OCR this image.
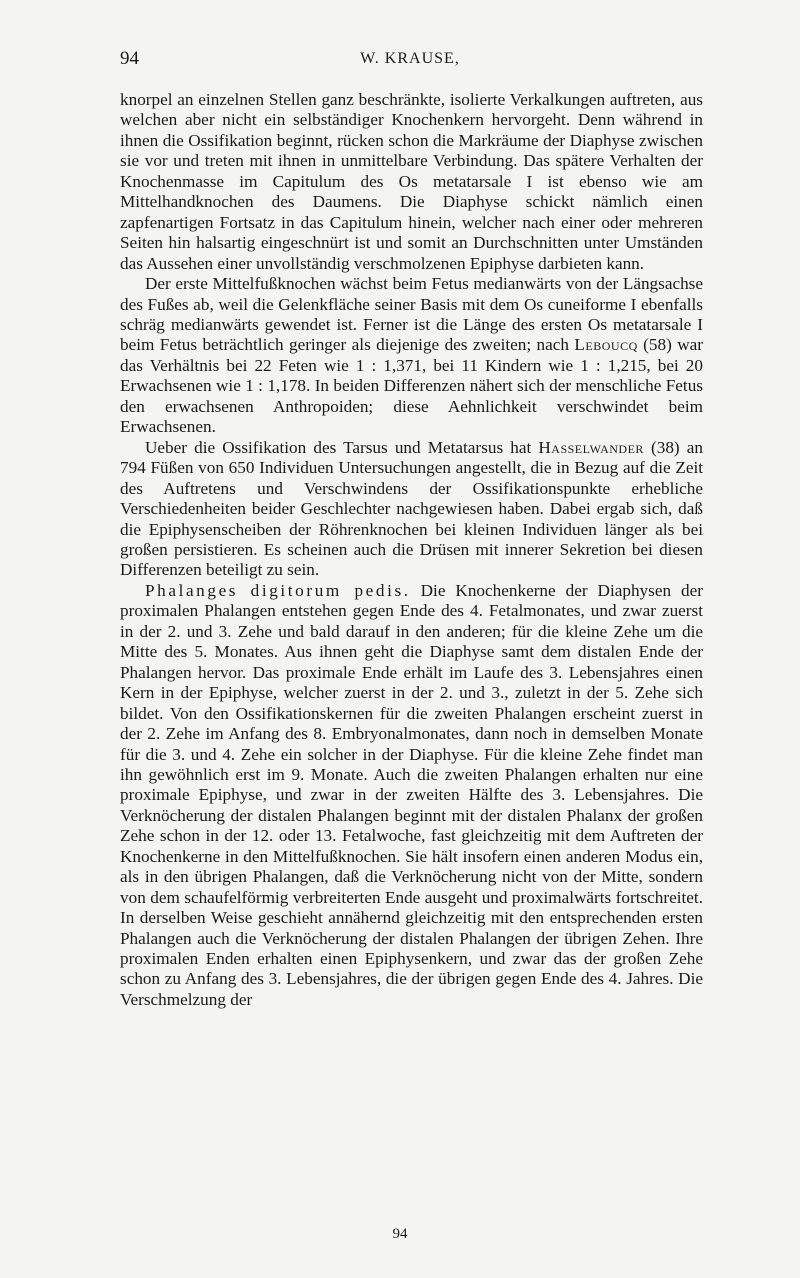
94	W. KRAUSE,

knorpel an einzelnen Stellen ganz beschränkte, isolierte Verkalkungen auftreten, aus welchen aber nicht ein selbständiger Knochenkern hervorgeht. Denn während in ihnen die Ossifikation beginnt, rücken schon die Markräume der Diaphyse zwischen sie vor und treten mit ihnen in unmittelbare Verbindung. Das spätere Verhalten der Knochenmasse im Capitulum des Os metatarsale I ist ebenso wie am Mittelhandknochen des Daumens. Die Diaphyse schickt nämlich einen zapfenartigen Fortsatz in das Capitulum hinein, welcher nach einer oder mehreren Seiten hin halsartig eingeschnürt ist und somit an Durchschnitten unter Umständen das Aussehen einer unvollständig verschmolzenen Epiphyse darbieten kann.

Der erste Mittelfußknochen wächst beim Fetus medianwärts von der Längsachse des Fußes ab, weil die Gelenkfläche seiner Basis mit dem Os cuneiforme I ebenfalls schräg medianwärts gewendet ist. Ferner ist die Länge des ersten Os metatarsale I beim Fetus beträchtlich geringer als diejenige des zweiten; nach Leboucq (58) war das Verhältnis bei 22 Feten wie 1 : 1,371, bei 11 Kindern wie 1 : 1,215, bei 20 Erwachsenen wie 1 : 1,178. In beiden Differenzen nähert sich der menschliche Fetus den erwachsenen Anthropoiden; diese Aehnlichkeit verschwindet beim Erwachsenen.

Ueber die Ossifikation des Tarsus und Metatarsus hat Hasselwander (38) an 794 Füßen von 650 Individuen Untersuchungen angestellt, die in Bezug auf die Zeit des Auftretens und Verschwindens der Ossifikationspunkte erhebliche Verschiedenheiten beider Geschlechter nachgewiesen haben. Dabei ergab sich, daß die Epiphysenscheiben der Röhrenknochen bei kleinen Individuen länger als bei großen persistieren. Es scheinen auch die Drüsen mit innerer Sekretion bei diesen Differenzen beteiligt zu sein.

Phalanges digitorum pedis. Die Knochenkerne der Diaphysen der proximalen Phalangen entstehen gegen Ende des 4. Fetalmonates, und zwar zuerst in der 2. und 3. Zehe und bald darauf in den anderen; für die kleine Zehe um die Mitte des 5. Monates. Aus ihnen geht die Diaphyse samt dem distalen Ende der Phalangen hervor. Das proximale Ende erhält im Laufe des 3. Lebensjahres einen Kern in der Epiphyse, welcher zuerst in der 2. und 3., zuletzt in der 5. Zehe sich bildet. Von den Ossifikationskernen für die zweiten Phalangen erscheint zuerst in der 2. Zehe im Anfang des 8. Embryonalmonates, dann noch in demselben Monate für die 3. und 4. Zehe ein solcher in der Diaphyse. Für die kleine Zehe findet man ihn gewöhnlich erst im 9. Monate. Auch die zweiten Phalangen erhalten nur eine proximale Epiphyse, und zwar in der zweiten Hälfte des 3. Lebensjahres. Die Verknöcherung der distalen Phalangen beginnt mit der distalen Phalanx der großen Zehe schon in der 12. oder 13. Fetalwoche, fast gleichzeitig mit dem Auftreten der Knochenkerne in den Mittelfußknochen. Sie hält insofern einen anderen Modus ein, als in den übrigen Phalangen, daß die Verknöcherung nicht von der Mitte, sondern von dem schaufelförmig verbreiterten Ende ausgeht und proximalwärts fortschreitet. In derselben Weise geschieht annähernd gleichzeitig mit den entsprechenden ersten Phalangen auch die Verknöcherung der distalen Phalangen der übrigen Zehen. Ihre proximalen Enden erhalten einen Epiphysenkern, und zwar das der großen Zehe schon zu Anfang des 3. Lebensjahres, die der übrigen gegen Ende des 4. Jahres. Die Verschmelzung der

94
